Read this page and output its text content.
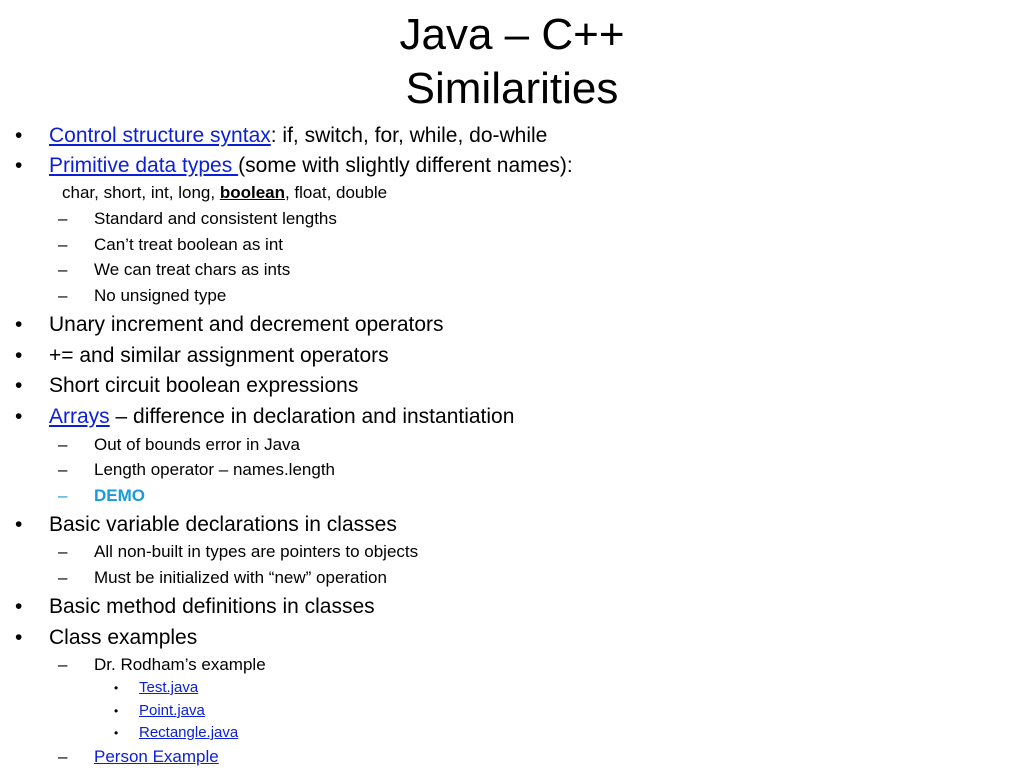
Java – C++
Similarities
•	Control structure syntax: if, switch, for, while, do-while
•	Primitive data types (some with slightly different names):
char, short, int, long, boolean, float, double
–	Standard and consistent lengths
–	Can’t treat boolean as int
–	We can treat chars as ints
–	No unsigned type
•	Unary increment and decrement operators
•	+= and similar assignment operators
•	Short circuit boolean expressions
•	Arrays – difference in declaration and instantiation
–	Out of bounds error in Java
–	Length operator – names.length
–	DEMO
•	Basic variable declarations in classes
–	All non-built in types are pointers to objects
–	Must be initialized with “new” operation
•	Basic method definitions in classes
•	Class examples
–	Dr. Rodham’s example
• Test.java
• Point.java
• Rectangle.java
–	Person Example
